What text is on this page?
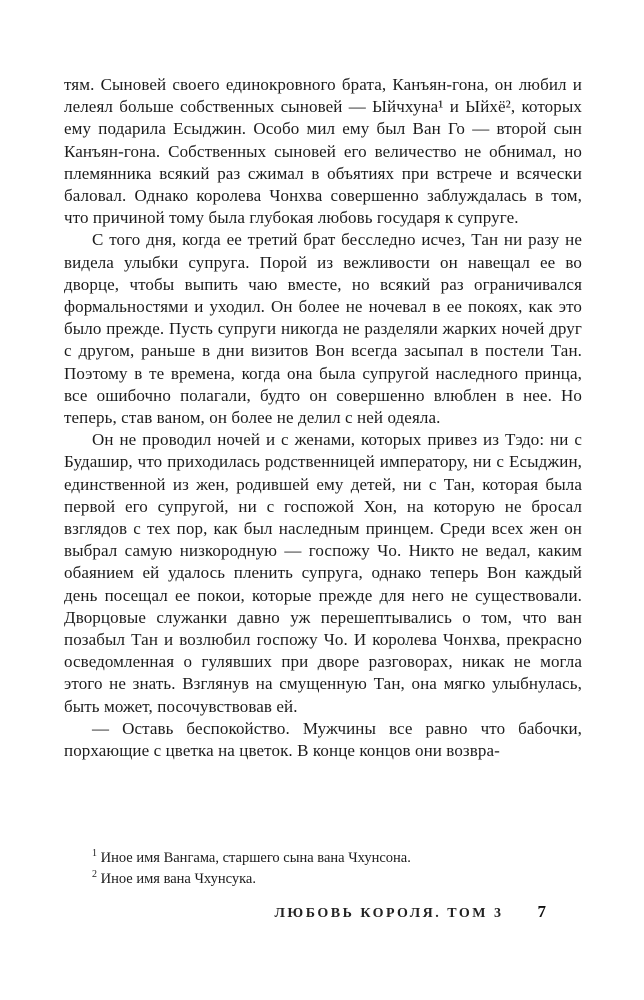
тям. Сыновей своего единокровного брата, Канъян-гона, он любил и лелеял больше собственных сыновей — Ыйчхуна¹ и Ыйхё², которых ему подарила Есыджин. Особо мил ему был Ван Го — второй сын Канъян-гона. Собственных сыновей его величество не обнимал, но племянника всякий раз сжимал в объятиях при встрече и всячески баловал. Однако королева Чонхва совершенно заблуждалась в том, что причиной тому была глубокая любовь государя к супруге.

С того дня, когда ее третий брат бесследно исчез, Тан ни разу не видела улыбки супруга. Порой из вежливости он навещал ее во дворце, чтобы выпить чаю вместе, но всякий раз ограничивался формальностями и уходил. Он более не ночевал в ее покоях, как это было прежде. Пусть супруги никогда не разделяли жарких ночей друг с другом, раньше в дни визитов Вон всегда засыпал в постели Тан. Поэтому в те времена, когда она была супругой наследного принца, все ошибочно полагали, будто он совершенно влюблен в нее. Но теперь, став ваном, он более не делил с ней одеяла.

Он не проводил ночей и с женами, которых привез из Тэдо: ни с Будашир, что приходилась родственницей императору, ни с Есыджин, единственной из жен, родившей ему детей, ни с Тан, которая была первой его супругой, ни с госпожой Хон, на которую не бросал взглядов с тех пор, как был наследным принцем. Среди всех жен он выбрал самую низкородную — госпожу Чо. Никто не ведал, каким обаянием ей удалось пленить супруга, однако теперь Вон каждый день посещал ее покои, которые прежде для него не существовали. Дворцовые служанки давно уж перешептывались о том, что ван позабыл Тан и возлюбил госпожу Чо. И королева Чонхва, прекрасно осведомленная о гулявших при дворе разговорах, никак не могла этого не знать. Взглянув на смущенную Тан, она мягко улыбнулась, быть может, посочувствовав ей.

— Оставь беспокойство. Мужчины все равно что бабочки, порхающие с цветка на цветок. В конце концов они возвра-

$^1$ Иное имя Вангама, старшего сына вана Чхунсона.

$^2$ Иное имя вана Чхунсука.

ЛЮБОВЬ КОРОЛЯ. ТОМ 3 7
